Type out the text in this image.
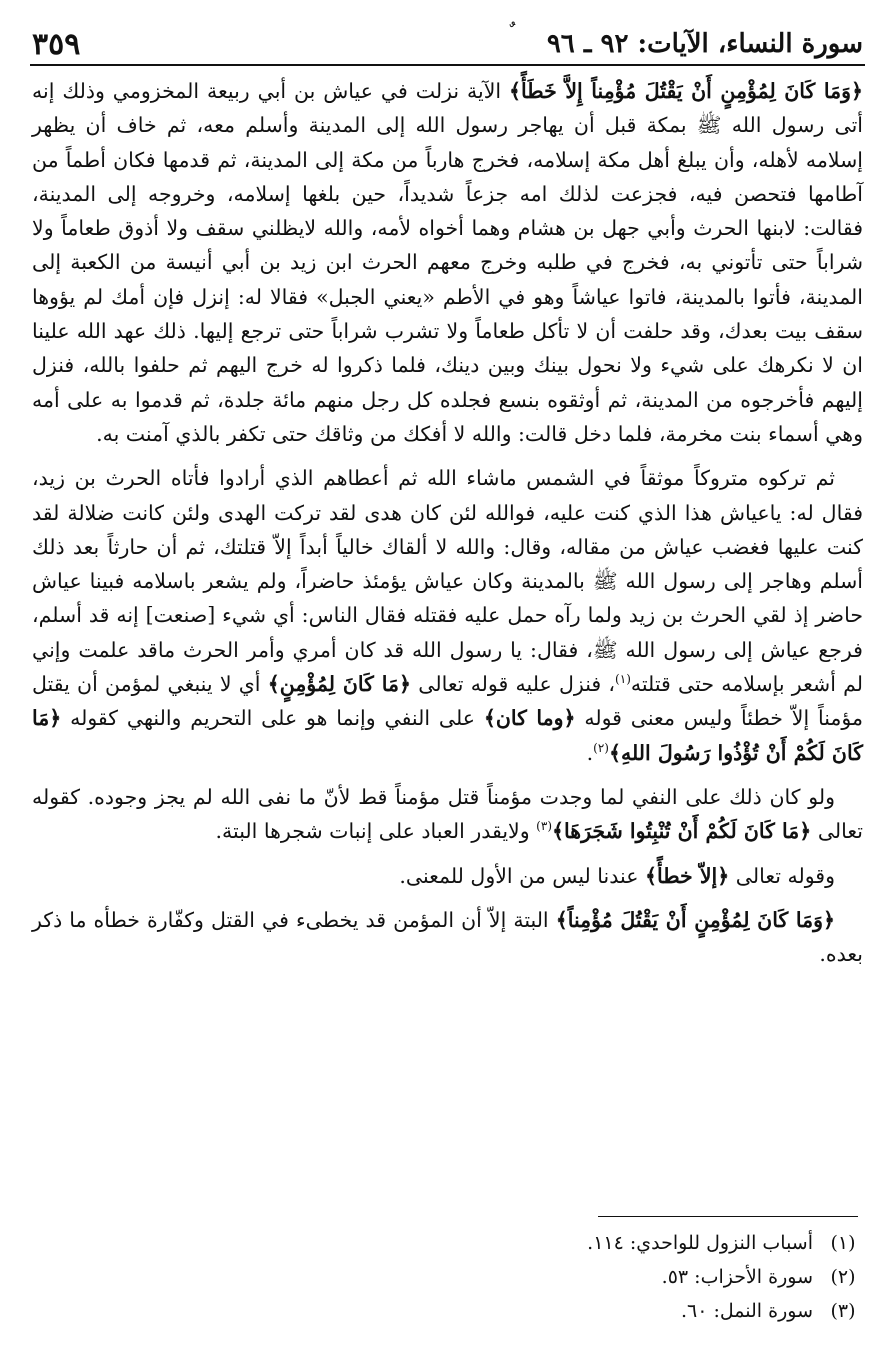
سورة النساء، الآيات: ٩٢ ـ ٩٦
٣٥٩

﴿وَمَا كَانَ لِمُؤْمِنٍ أَنْ يَقْتُلَ مُؤْمِناً إِلاَّ خَطَأً﴾ الآية نزلت في عياش بن أبي ربيعة المخزومي وذلك إنه أتى رسول الله ﷺ بمكة قبل أن يهاجر رسول الله إلى المدينة وأسلم معه، ثم خاف أن يظهر إسلامه لأهله، وأن يبلغ أهل مكة إسلامه، فخرج هارباً من مكة إلى المدينة، ثم قدمها فكان أطماً من آطامها فتحصن فيه، فجزعت لذلك امه جزعاً شديداً، حين بلغها إسلامه، وخروجه إلى المدينة، فقالت: لابنها الحرث وأبي جهل بن هشام وهما أخواه لأمه، والله لايظلني سقف ولا أذوق طعاماً ولا شراباً حتى تأتوني به، فخرج في طلبه وخرج معهم الحرث ابن زيد بن أبي أنيسة من الكعبة إلى المدينة، فأتوا بالمدينة، فاتوا عياشاً وهو في الأطم «يعني الجبل» فقالا له: إنزل فإن أمك لم يؤوها سقف بيت بعدك، وقد حلفت أن لا تأكل طعاماً ولا تشرب شراباً حتى ترجع إليها. ذلك عهد الله علينا ان لا نكرهك على شيء ولا نحول بينك وبين دينك، فلما ذكروا له خرج اليهم ثم حلفوا بالله، فنزل إليهم فأخرجوه من المدينة، ثم أوثقوه بنسع فجلده كل رجل منهم مائة جلدة، ثم قدموا به على أمه وهي أسماء بنت مخرمة، فلما دخل قالت: والله لا أفكك من وثاقك حتى تكفر بالذي آمنت به.

ثم تركوه متروكاً موثقاً في الشمس ماشاء الله ثم أعطاهم الذي أرادوا فأتاه الحرث بن زيد، فقال له: ياعياش هذا الذي كنت عليه، فوالله لئن كان هدى لقد تركت الهدى ولئن كانت ضلالة لقد كنت عليها فغضب عياش من مقاله، وقال: والله لا ألقاك خالياً أبداً إلاّ قتلتك، ثم أن حارثاً بعد ذلك أسلم وهاجر إلى رسول الله ﷺ بالمدينة وكان عياش يؤمئذ حاضراً، ولم يشعر باسلامه فبينا عياش حاضر إذ لقي الحرث بن زيد ولما رآه حمل عليه فقتله فقال الناس: أي شيء [صنعت] إنه قد أسلم، فرجع عياش إلى رسول الله ﷺ، فقال: يا رسول الله قد كان أمري وأمر الحرث ماقد علمت وإني لم أشعر بإسلامه حتى قتلته$^{(١)}$، فنزل عليه قوله تعالى ﴿مَا كَانَ لِمُؤْمِنٍ﴾ أي لا ينبغي لمؤمن أن يقتل مؤمناً إلاّ خطئاً وليس معنى قوله ﴿وما كان﴾ على النفي وإنما هو على التحريم والنهي كقوله ﴿مَا كَانَ لَكُمْ أَنْ تُؤْذُوا رَسُولَ اللهِ﴾$^{(٢)}$.

ولو كان ذلك على النفي لما وجدت مؤمناً قتل مؤمناً قط لأنّ ما نفى الله لم يجز وجوده. كقوله تعالى ﴿مَا كَانَ لَكُمْ أَنْ تُنْبِتُوا شَجَرَهَا﴾$^{(٣)}$ ولايقدر العباد على إنبات شجرها البتة.

وقوله تعالى ﴿إلاّ خطأً﴾ عندنا ليس من الأول للمعنى.

﴿وَمَا كَانَ لِمُؤْمِنٍ أَنْ يَقْتُلَ مُؤْمِناً﴾ البتة إلاّ أن المؤمن قد يخطىء في القتل وكفّارة خطأه ما ذكر بعده.

(١)
أسباب النزول للواحدي: ١١٤.
(٢)
سورة الأحزاب: ٥٣.
(٣)
سورة النمل: ٦٠.
